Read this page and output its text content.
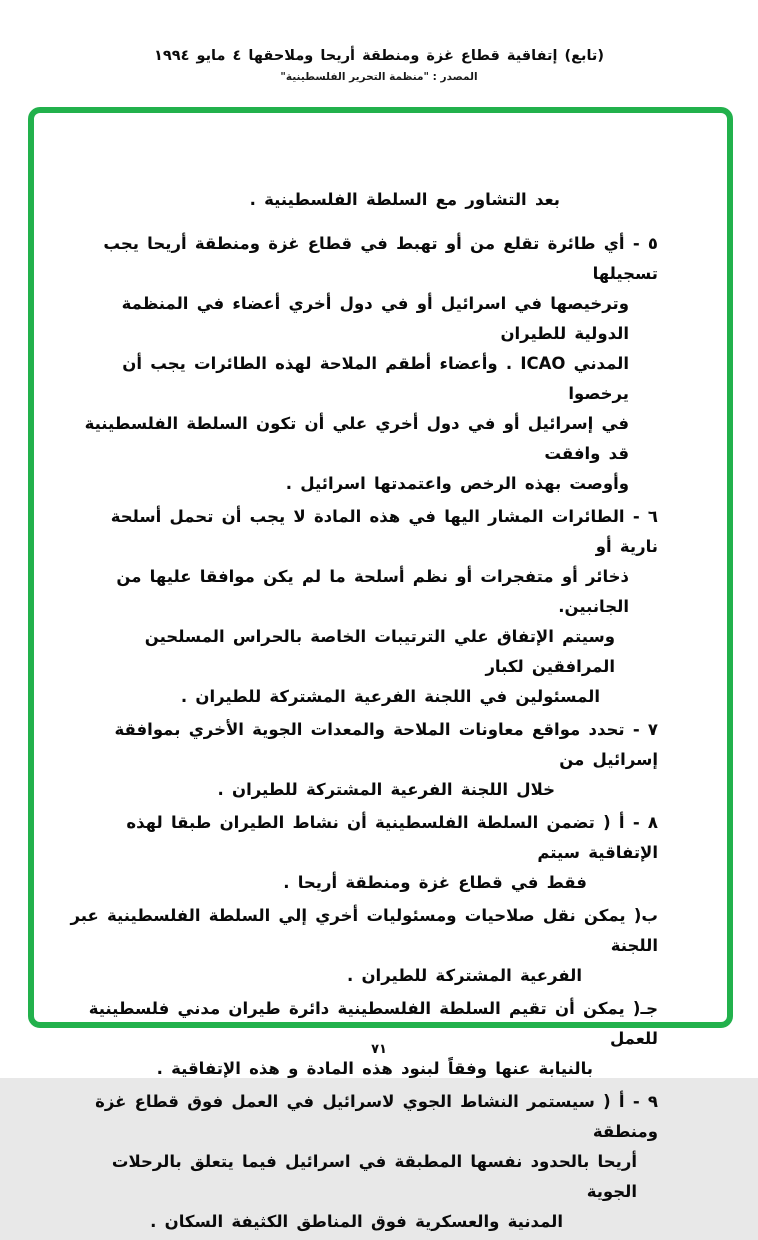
(تابع) إتفاقية قطاع غزة ومنطقة أريحا وملاحقها ٤ مايو ١٩٩٤
المصدر : "منظمة التحرير الفلسطينية"

بعد التشاور مع السلطة الفلسطينية .

٥ - أي طائرة تقلع من أو تهبط في قطاع غزة ومنطقة أريحا يجب تسجيلها
وترخيصها في اسرائيل أو في دول أخري أعضاء في المنظمة الدولية للطيران
المدني ICAO . وأعضاء أطقم الملاحة لهذه الطائرات يجب أن يرخصوا
في إسرائيل أو في دول أخري علي أن تكون السلطة الفلسطينية قد وافقت
وأوصت بهذه الرخص واعتمدتها اسرائيل .

٦ - الطائرات المشار اليها في هذه المادة لا يجب أن تحمل أسلحة نارية أو
ذخائر أو متفجرات أو نظم أسلحة ما لم يكن موافقا عليها من الجانبين.
وسيتم الإتفاق علي الترتيبات الخاصة بالحراس المسلحين المرافقين لكبار
المسئولين في اللجنة الفرعية المشتركة للطيران .

٧ - تحدد مواقع معاونات الملاحة والمعدات الجوية الأخري بموافقة إسرائيل من
خلال اللجنة الفرعية المشتركة للطيران .

٨ - أ ‎)‎ تضمن السلطة الفلسطينية أن نشاط الطيران طبقا لهذه الإتفاقية سيتم
فقط في قطاع غزة ومنطقة أريحا .

ب‎)‎ يمكن نقل صلاحيات ومسئوليات أخري إلي السلطة الفلسطينية عبر اللجنة
الفرعية المشتركة للطيران .

جـ‎)‎ يمكن أن تقيم السلطة الفلسطينية دائرة طيران مدني فلسطينية للعمل
بالنيابة عنها وفقاً لبنود هذه المادة و هذه الإتفاقية .

٩ - أ ‎)‎ سيستمر النشاط الجوي لاسرائيل في العمل فوق قطاع غزة ومنطقة
أريحا بالحدود نفسها المطبقة في اسرائيل فيما يتعلق بالرحلات الجوية
المدنية والعسكرية فوق المناطق الكثيفة السكان .

٧١
